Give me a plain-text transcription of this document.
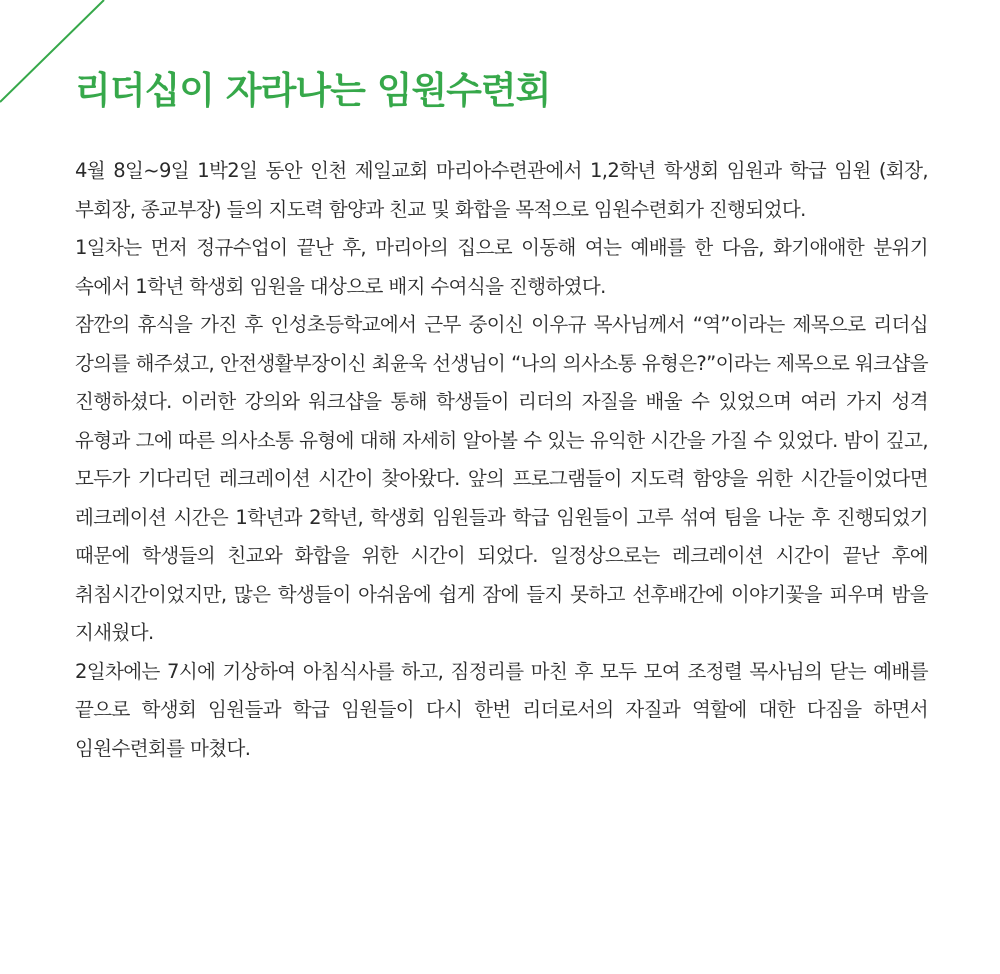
리더십이 자라나는 임원수련회

4월 8일~9일 1박2일 동안 인천 제일교회 마리아수련관에서 1,2학년 학생회 임원과 학급 임원 (회장, 부회장, 종교부장) 들의 지도력 함양과 친교 및 화합을 목적으로 임원수련회가 진행되었다.

1일차는 먼저 정규수업이 끝난 후, 마리아의 집으로 이동해 여는 예배를 한 다음, 화기애애한 분위기 속에서 1학년 학생회 임원을 대상으로 배지 수여식을 진행하였다.

잠깐의 휴식을 가진 후 인성초등학교에서 근무 중이신 이우규 목사님께서 “역”이라는 제목으로 리더십 강의를 해주셨고, 안전생활부장이신 최윤욱 선생님이 “나의 의사소통 유형은?”이라는 제목으로 워크샵을 진행하셨다. 이러한 강의와 워크샵을 통해 학생들이 리더의 자질을 배울 수 있었으며 여러 가지 성격 유형과 그에 따른 의사소통 유형에 대해 자세히 알아볼 수 있는 유익한 시간을 가질 수 있었다. 밤이 깊고, 모두가 기다리던 레크레이션 시간이 찾아왔다. 앞의 프로그램들이 지도력 함양을 위한 시간들이었다면 레크레이션 시간은 1학년과 2학년, 학생회 임원들과 학급 임원들이 고루 섞여 팀을 나눈 후 진행되었기 때문에 학생들의 친교와 화합을 위한 시간이 되었다. 일정상으로는 레크레이션 시간이 끝난 후에 취침시간이었지만, 많은 학생들이 아쉬움에 쉽게 잠에 들지 못하고 선후배간에 이야기꽃을 피우며 밤을 지새웠다.

2일차에는 7시에 기상하여 아침식사를 하고, 짐정리를 마친 후 모두 모여 조정렬 목사님의 닫는 예배를 끝으로 학생회 임원들과 학급 임원들이 다시 한번 리더로서의 자질과 역할에 대한 다짐을 하면서 임원수련회를 마쳤다.
